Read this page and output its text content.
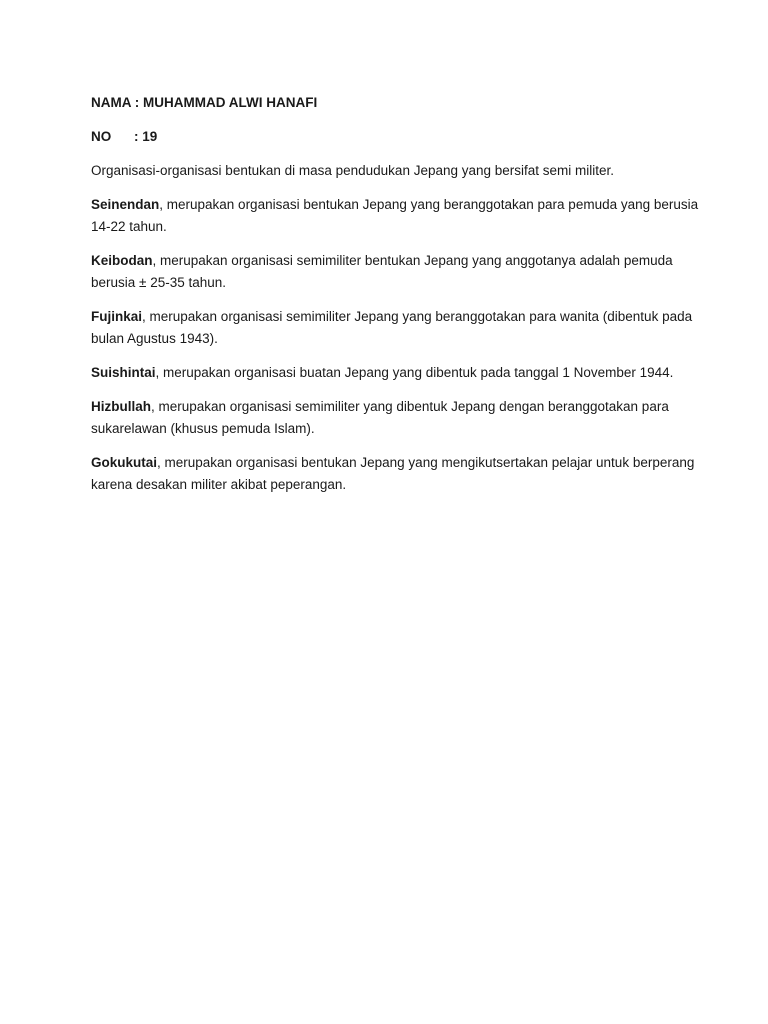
NAMA : MUHAMMAD ALWI HANAFI

NO	: 19

Organisasi-organisasi bentukan di masa pendudukan Jepang yang bersifat semi militer.

Seinendan, merupakan organisasi bentukan Jepang yang beranggotakan para pemuda yang berusia 14-22 tahun.

Keibodan, merupakan organisasi semimiliter bentukan Jepang yang anggotanya adalah pemuda berusia ± 25-35 tahun.

Fujinkai, merupakan organisasi semimiliter Jepang yang beranggotakan para wanita (dibentuk pada bulan Agustus 1943).

Suishintai, merupakan organisasi buatan Jepang yang dibentuk pada tanggal 1 November 1944.

Hizbullah, merupakan organisasi semimiliter yang dibentuk Jepang dengan beranggotakan para sukarelawan (khusus pemuda Islam).

Gokukutai, merupakan organisasi bentukan Jepang yang mengikutsertakan pelajar untuk berperang karena desakan militer akibat peperangan.
